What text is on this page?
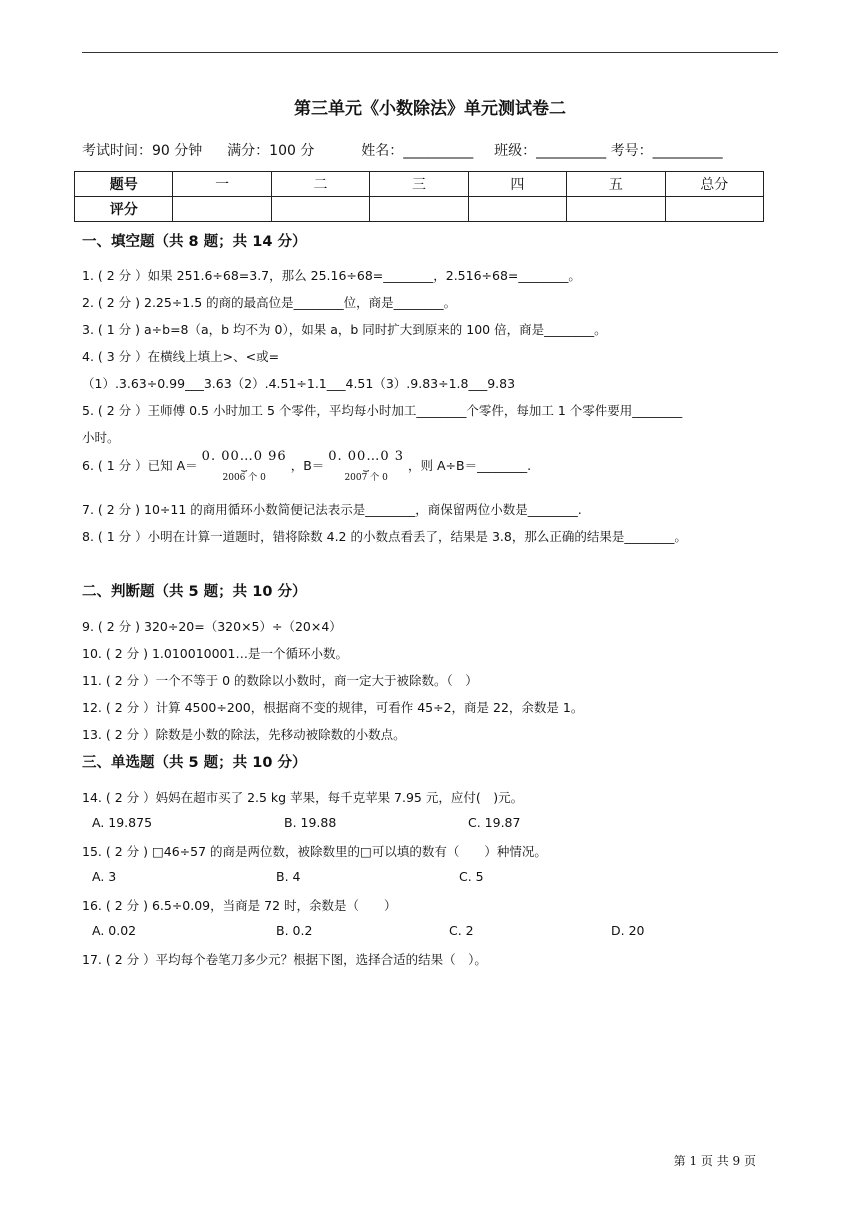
第三单元《小数除法》单元测试卷二
考试时间：90 分钟 满分：100 分	姓名：__________ 班级：__________ 考号：__________
题号	一	二	三	四	五	总分
评分						
一、填空题（共 8 题；共 14 分）
1. ( 2 分 ）如果 251.6÷68=3.7，那么 25.16÷68=________，2.516÷68=________。
2. ( 2 分 ) 2.25÷1.5 的商的最高位是________位，商是________。
3. ( 1 分 ) a÷b=8（a，b 均不为 0），如果 a，b 同时扩大到原来的 100 倍，商是________。
4. ( 3 分 ）在横线上填上>、<或=
（1）.3.63÷0.99___3.63（2）.4.51÷1.1___4.51（3）.9.83÷1.8___9.83
5. ( 2 分 ）王师傅 0.5 小时加工 5 个零件，平均每小时加工________个零件，每加工 1 个零件要用________
小时。
6. ( 1 分 ）已知 A＝
0. 00…0 96
⏟
2006 个 0
，B＝
0. 00…0 3
⏟
2007 个 0
，则 A÷B＝________.
7. ( 2 分 ) 10÷11 的商用循环小数简便记法表示是________，商保留两位小数是________.
8. ( 1 分 ）小明在计算一道题时，错将除数 4.2 的小数点看丢了，结果是 3.8，那么正确的结果是________。
二、判断题（共 5 题；共 10 分）
9. ( 2 分 ) 320÷20=（320×5）÷（20×4）
10. ( 2 分 ) 1.010010001…是一个循环小数。
11. ( 2 分 ）一个不等于 0 的数除以小数时，商一定大于被除数。（　）
12. ( 2 分 ）计算 4500÷200，根据商不变的规律，可看作 45÷2，商是 22，余数是 1。
13. ( 2 分 ）除数是小数的除法，先移动被除数的小数点。
三、单选题（共 5 题；共 10 分）
14. ( 2 分 ）妈妈在超市买了 2.5 kg 苹果，每千克苹果 7.95 元，应付(　)元。
A. 19.875	B. 19.88	C. 19.87
15. ( 2 分 ) □46÷57 的商是两位数，被除数里的□可以填的数有（　　）种情况。
A. 3	B. 4	C. 5
16. ( 2 分 ) 6.5÷0.09，当商是 72 时，余数是（　　）
A. 0.02	B. 0.2	C. 2	D. 20
17. ( 2 分 ）平均每个卷笔刀多少元？根据下图，选择合适的结果（　）。
第 1 页 共 9 页
